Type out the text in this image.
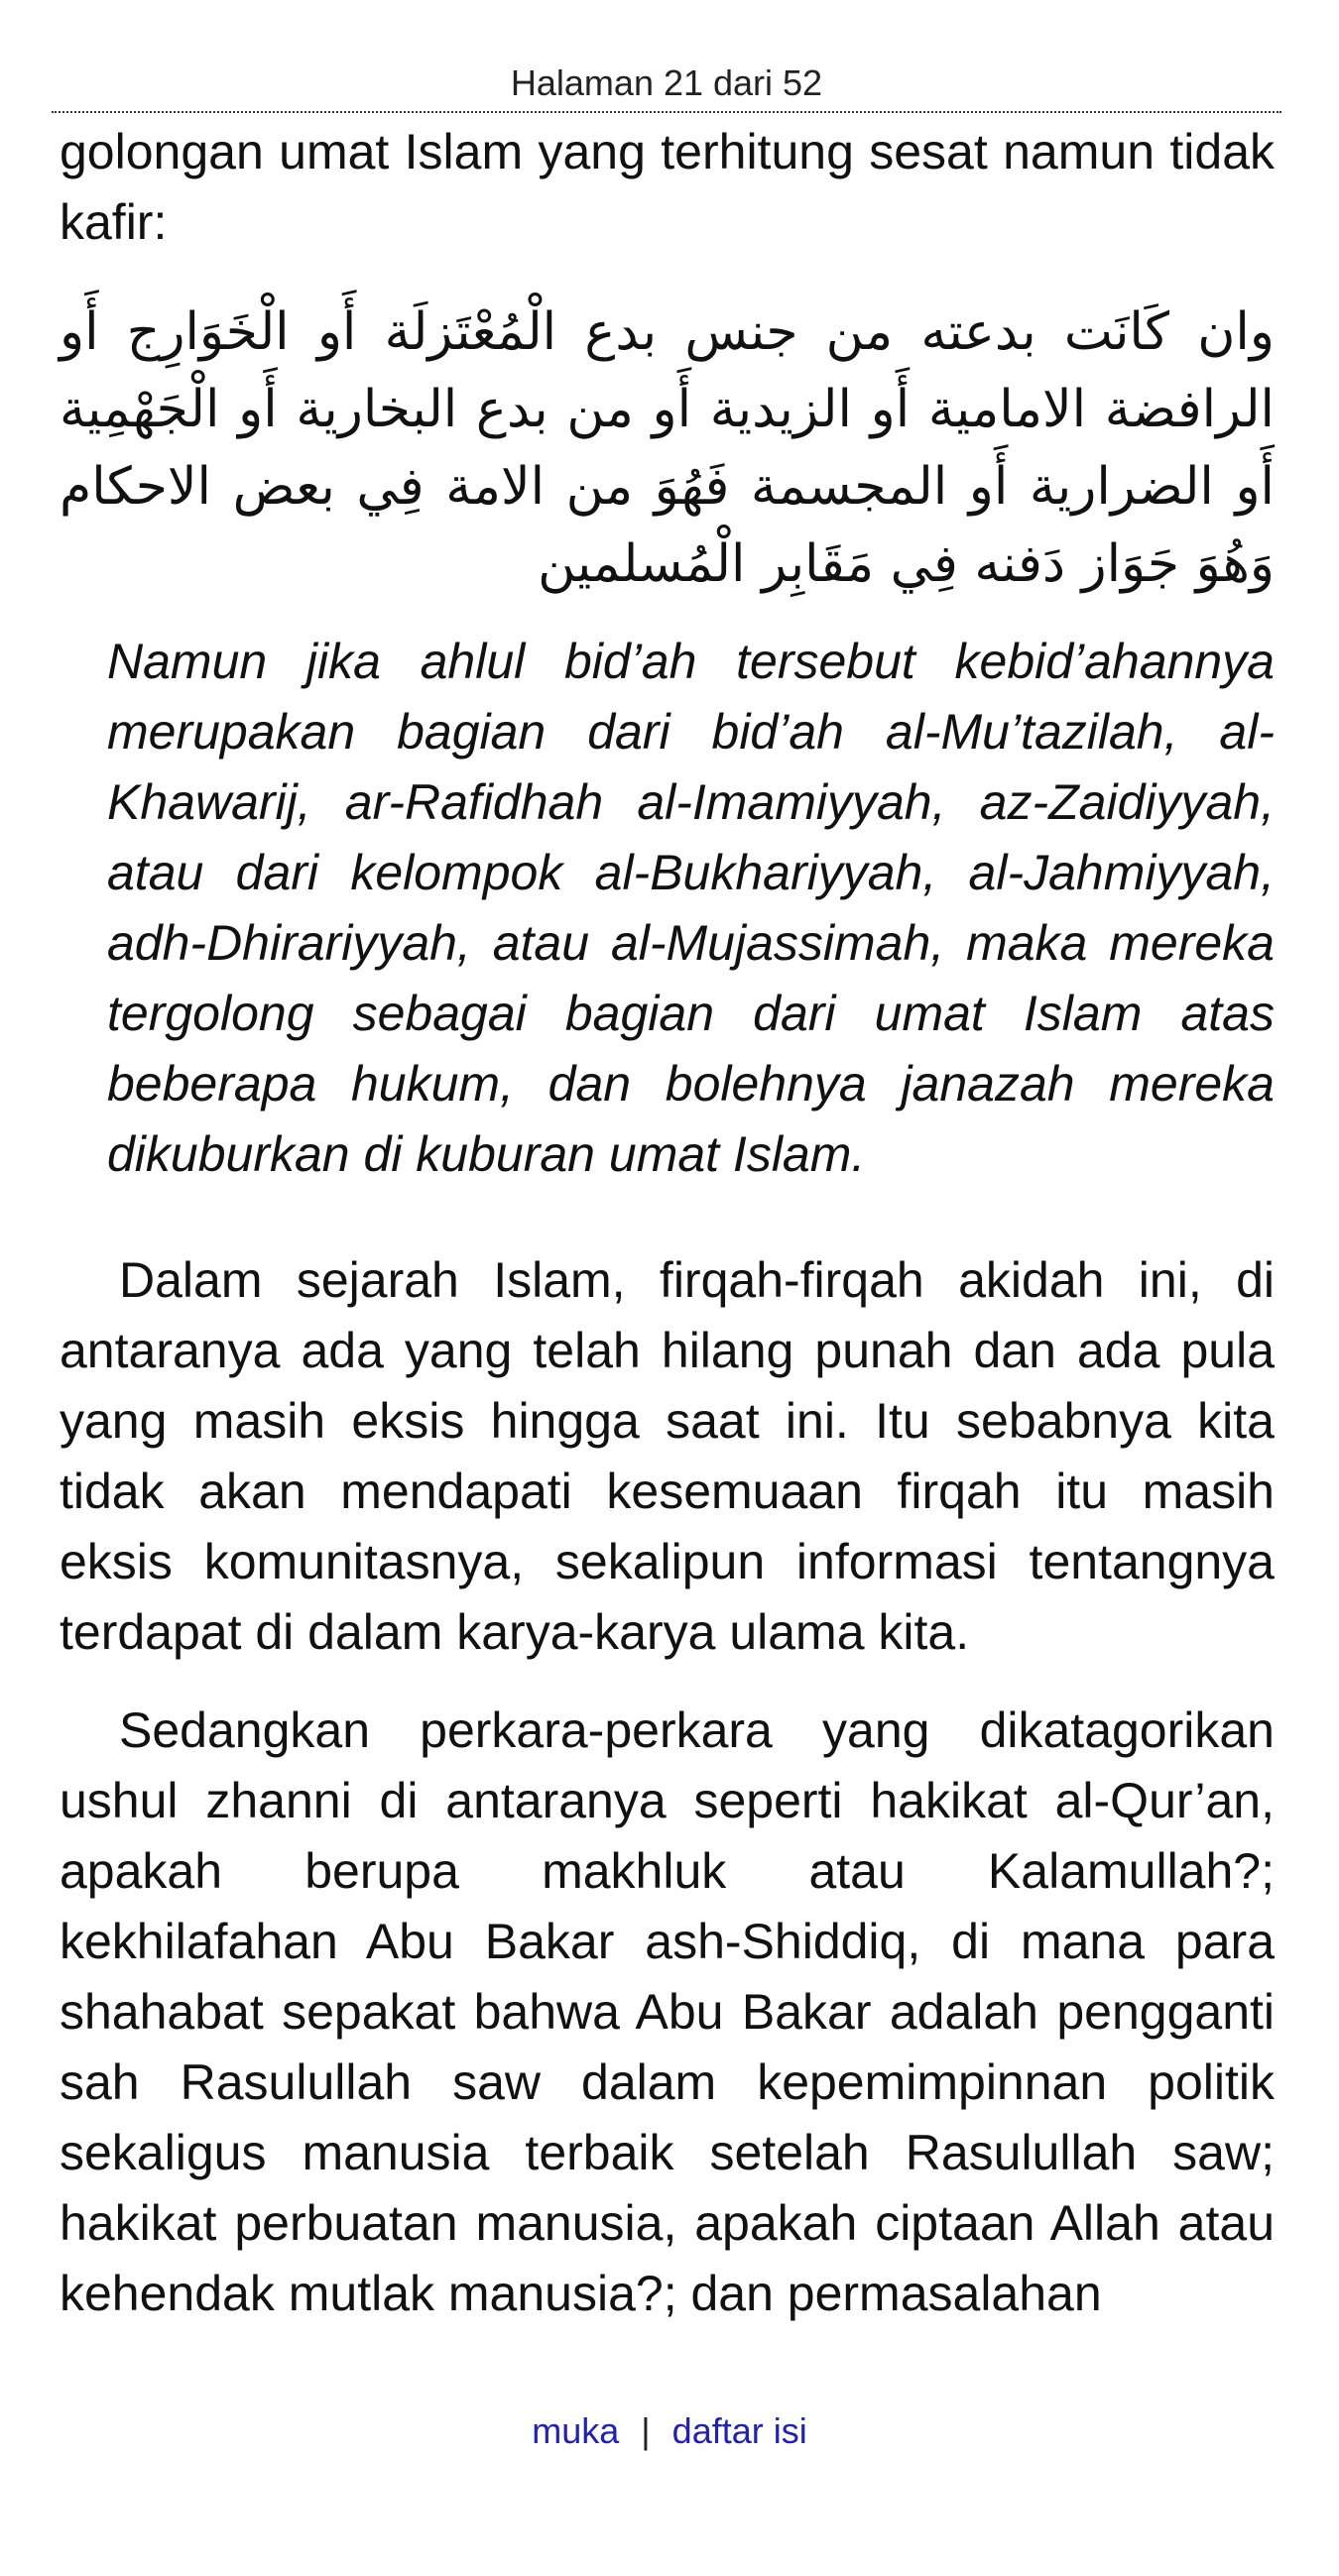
Halaman 21 dari 52

golongan umat Islam yang terhitung sesat namun tidak kafir:

وان كَانَت بدعته من جنس بدع الْمُعْتَزلَة أَو الْخَوَارِج أَو الرافضة الامامية أَو الزيدية أَو من بدع البخارية أَو الْجَهْمِية أَو الضرارية أَو المجسمة فَهُوَ من الامة فِي بعض الاحكام وَهُوَ جَوَاز دَفنه فِي مَقَابِر الْمُسلمين

Namun jika ahlul bid’ah tersebut kebid’ahannya merupakan bagian dari bid’ah al-Mu’tazilah, al-Khawarij, ar-Rafidhah al-Imamiyyah, az-Zaidiyyah, atau dari kelompok al-Bukhariyyah, al-Jahmiyyah, adh-Dhirariyyah, atau al-Mujassimah, maka mereka tergolong sebagai bagian dari umat Islam atas beberapa hukum, dan bolehnya janazah mereka dikuburkan di kuburan umat Islam.

Dalam sejarah Islam, firqah-firqah akidah ini, di antaranya ada yang telah hilang punah dan ada pula yang masih eksis hingga saat ini. Itu sebabnya kita tidak akan mendapati kesemuaan firqah itu masih eksis komunitasnya, sekalipun informasi tentangnya terdapat di dalam karya-karya ulama kita.

Sedangkan perkara-perkara yang dikatagorikan ushul zhanni di antaranya seperti hakikat al-Qur’an, apakah berupa makhluk atau Kalamullah?; kekhilafahan Abu Bakar ash-Shiddiq, di mana para shahabat sepakat bahwa Abu Bakar adalah pengganti sah Rasulullah saw dalam kepemimpinnan politik sekaligus manusia terbaik setelah Rasulullah saw; hakikat perbuatan manusia, apakah ciptaan Allah atau kehendak mutlak manusia?; dan permasalahan

muka | daftar isi
